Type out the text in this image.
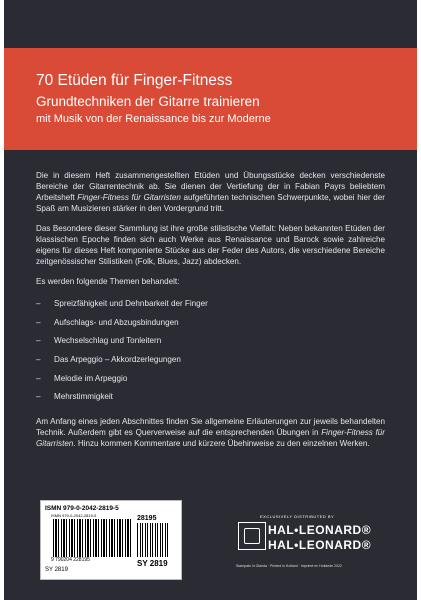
70 Etüden für Finger-Fitness
Grundtechniken der Gitarre trainieren
mit Musik von der Renaissance bis zur Moderne

Die in diesem Heft zusammengestellten Etüden und Übungsstücke decken verschiedenste Bereiche der Gitarrentechnik ab. Sie dienen der Vertiefung der in Fabian Payrs beliebtem Arbeitsheft Finger-Fitness für Gitarristen aufgeführten technischen Schwerpunkte, wobei hier der Spaß am Musizieren stärker in den Vordergrund tritt.

Das Besondere dieser Sammlung ist ihre große stilistische Vielfalt: Neben bekannten Etüden der klassischen Epoche finden sich auch Werke aus Renaissance und Barock sowie zahlreiche eigens für dieses Heft komponierte Stücke aus der Feder des Autors, die verschiedene Bereiche zeitgenössischer Stilistiken (Folk, Blues, Jazz) abdecken.

Es werden folgende Themen behandelt:

– Spreizfähigkeit und Dehnbarkeit der Finger
– Aufschlags- und Abzugsbindungen
– Wechselschlag und Tonleitern
– Das Arpeggio – Akkordzerlegungen
– Melodie im Arpeggio
– Mehrstimmigkeit

Am Anfang eines jeden Abschnittes finden Sie allgemeine Erläuterungen zur jeweils behandelten Technik. Außerdem gibt es Querverweise auf die entsprechenden Übungen in Finger-Fitness für Gitarristen. Hinzu kommen Kommentare und kürzere Übehinweise zu den einzelnen Werken.

ISMN 979-0-2042-2819-5
ISMN 979-0-2042-2819-5	28195
9 790204 228195	SY 2819
SY 2819
EXCLUSIVELY DISTRIBUTED BY
HAL•LEONARD®
HAL•LEONARD®
Stampato in Olanda · Printed in Holland · Imprimé en Hollande 2022
